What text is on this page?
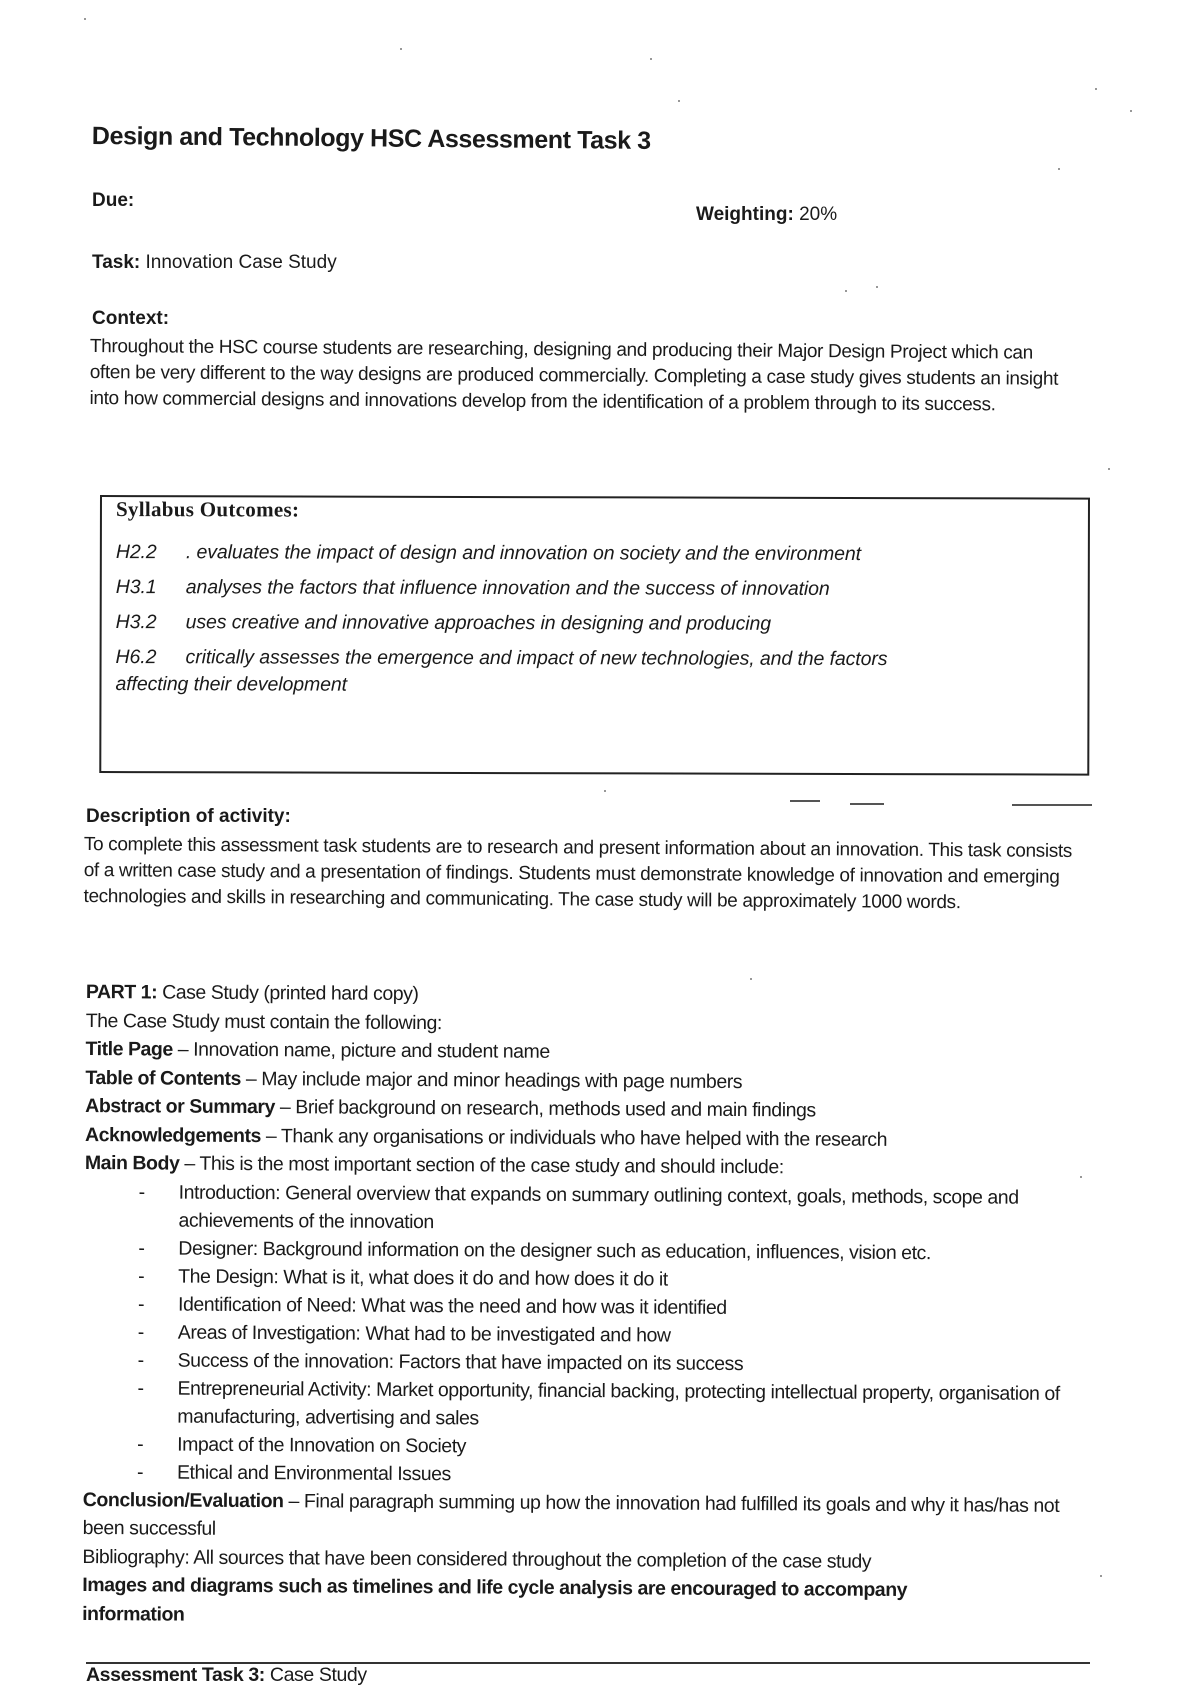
Design and Technology HSC Assessment Task 3
Due:
Weighting: 20%
Task: Innovation Case Study
Context:

Throughout the HSC course students are researching, designing and producing their Major Design Project which can often be very different to the way designs are produced commercially. Completing a case study gives students an insight into how commercial designs and innovations develop from the identification of a problem through to its success.

Syllabus Outcomes:
H2.2 . evaluates the impact of design and innovation on society and the environment
H3.1 analyses the factors that influence innovation and the success of innovation
H3.2 uses creative and innovative approaches in designing and producing
H6.2 critically assesses the emergence and impact of new technologies, and the factors
affecting their development
Description of activity:

To complete this assessment task students are to research and present information about an innovation. This task consists of a written case study and a presentation of findings. Students must demonstrate knowledge of innovation and emerging technologies and skills in researching and communicating. The case study will be approximately 1000 words.

PART 1: Case Study (printed hard copy)
The Case Study must contain the following:
Title Page – Innovation name, picture and student name
Table of Contents – May include major and minor headings with page numbers
Abstract or Summary – Brief background on research, methods used and main findings
Acknowledgements – Thank any organisations or individuals who have helped with the research
Main Body – This is the most important section of the case study and should include:
- Introduction: General overview that expands on summary outlining context, goals, methods, scope and achievements of the innovation
- Designer: Background information on the designer such as education, influences, vision etc.
- The Design: What is it, what does it do and how does it do it
- Identification of Need: What was the need and how was it identified
- Areas of Investigation: What had to be investigated and how
- Success of the innovation: Factors that have impacted on its success
- Entrepreneurial Activity: Market opportunity, financial backing, protecting intellectual property, organisation of manufacturing, advertising and sales
- Impact of the Innovation on Society
- Ethical and Environmental Issues
Conclusion/Evaluation – Final paragraph summing up how the innovation had fulfilled its goals and why it has/has not been successful
Bibliography: All sources that have been considered throughout the completion of the case study
Images and diagrams such as timelines and life cycle analysis are encouraged to accompany information
Assessment Task 3: Case Study
